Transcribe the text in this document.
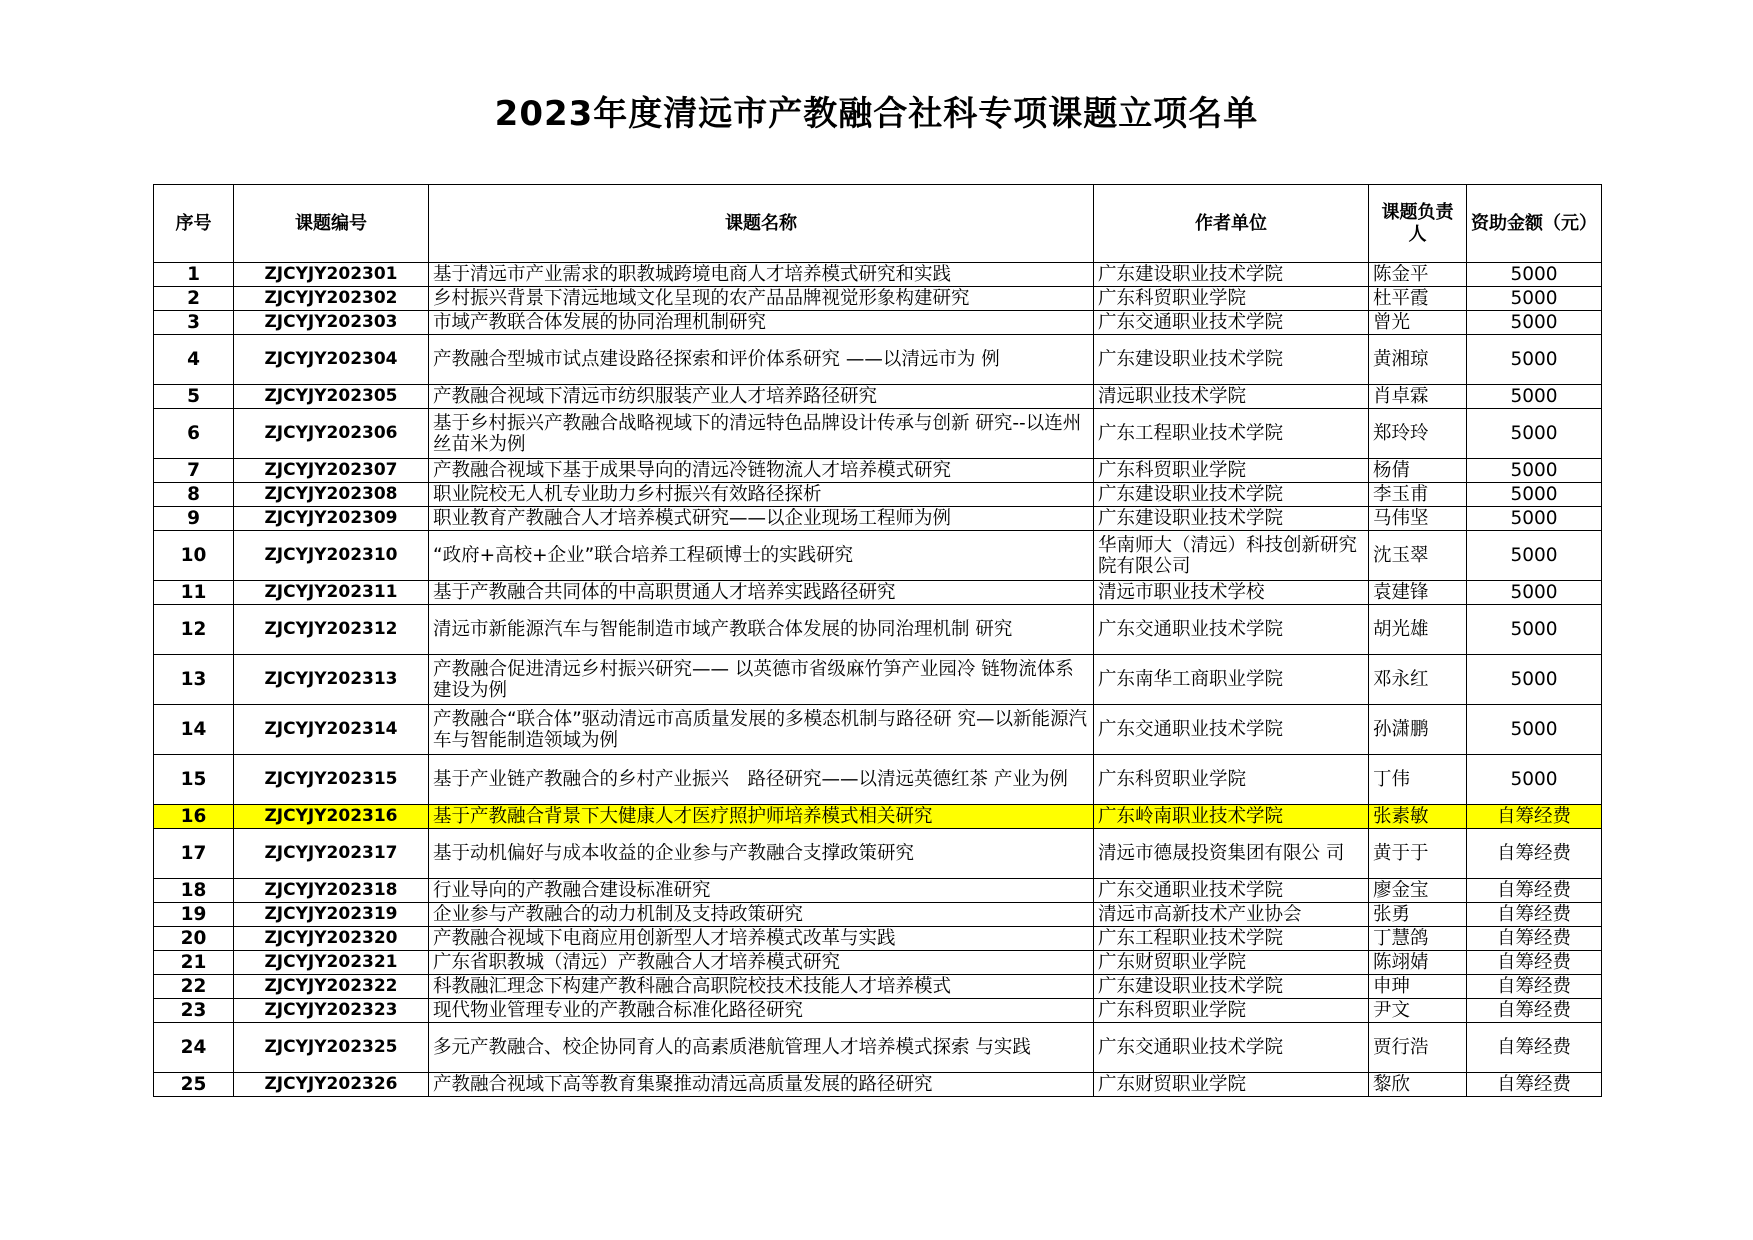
2023年度清远市产教融合社科专项课题立项名单
序号	课题编号	课题名称	作者单位	课题负责人	资助金额（元）
1	ZJCYJY202301	基于清远市产业需求的职教城跨境电商人才培养模式研究和实践	广东建设职业技术学院	陈金平	5000
2	ZJCYJY202302	乡村振兴背景下清远地域文化呈现的农产品品牌视觉形象构建研究	广东科贸职业学院	杜平霞	5000
3	ZJCYJY202303	市域产教联合体发展的协同治理机制研究	广东交通职业技术学院	曾光	5000
4	ZJCYJY202304	产教融合型城市试点建设路径探索和评价体系研究 ——以清远市为 例	广东建设职业技术学院	黄湘琼	5000
5	ZJCYJY202305	产教融合视域下清远市纺织服装产业人才培养路径研究	清远职业技术学院	肖卓霖	5000
6	ZJCYJY202306	基于乡村振兴产教融合战略视域下的清远特色品牌设计传承与创新 研究--以连州丝苗米为例	广东工程职业技术学院	郑玲玲	5000
7	ZJCYJY202307	产教融合视域下基于成果导向的清远冷链物流人才培养模式研究	广东科贸职业学院	杨倩	5000
8	ZJCYJY202308	职业院校无人机专业助力乡村振兴有效路径探析	广东建设职业技术学院	李玉甫	5000
9	ZJCYJY202309	职业教育产教融合人才培养模式研究——以企业现场工程师为例	广东建设职业技术学院	马伟坚	5000
10	ZJCYJY202310	“政府+高校+企业”联合培养工程硕博士的实践研究	华南师大（清远）科技创新研究院有限公司	沈玉翠	5000
11	ZJCYJY202311	基于产教融合共同体的中高职贯通人才培养实践路径研究	清远市职业技术学校	袁建锋	5000
12	ZJCYJY202312	清远市新能源汽车与智能制造市域产教联合体发展的协同治理机制 研究	广东交通职业技术学院	胡光雄	5000
13	ZJCYJY202313	产教融合促进清远乡村振兴研究—— 以英德市省级麻竹笋产业园冷 链物流体系建设为例	广东南华工商职业学院	邓永红	5000
14	ZJCYJY202314	产教融合“联合体”驱动清远市高质量发展的多模态机制与路径研 究—以新能源汽车与智能制造领域为例	广东交通职业技术学院	孙潇鹏	5000
15	ZJCYJY202315	基于产业链产教融合的乡村产业振兴　路径研究——以清远英德红茶 产业为例	广东科贸职业学院	丁伟	5000
16	ZJCYJY202316	基于产教融合背景下大健康人才医疗照护师培养模式相关研究	广东岭南职业技术学院	张素敏	自筹经费
17	ZJCYJY202317	基于动机偏好与成本收益的企业参与产教融合支撑政策研究	清远市德晟投资集团有限公 司	黄于于	自筹经费
18	ZJCYJY202318	行业导向的产教融合建设标准研究	广东交通职业技术学院	廖金宝	自筹经费
19	ZJCYJY202319	企业参与产教融合的动力机制及支持政策研究	清远市高新技术产业协会	张勇	自筹经费
20	ZJCYJY202320	产教融合视域下电商应用创新型人才培养模式改革与实践	广东工程职业技术学院	丁慧鸽	自筹经费
21	ZJCYJY202321	广东省职教城（清远）产教融合人才培养模式研究	广东财贸职业学院	陈翊婧	自筹经费
22	ZJCYJY202322	科教融汇理念下构建产教科融合高职院校技术技能人才培养模式	广东建设职业技术学院	申珅	自筹经费
23	ZJCYJY202323	现代物业管理专业的产教融合标准化路径研究	广东科贸职业学院	尹文	自筹经费
24	ZJCYJY202325	多元产教融合、校企协同育人的高素质港航管理人才培养模式探索 与实践	广东交通职业技术学院	贾行浩	自筹经费
25	ZJCYJY202326	产教融合视域下高等教育集聚推动清远高质量发展的路径研究	广东财贸职业学院	黎欣	自筹经费
